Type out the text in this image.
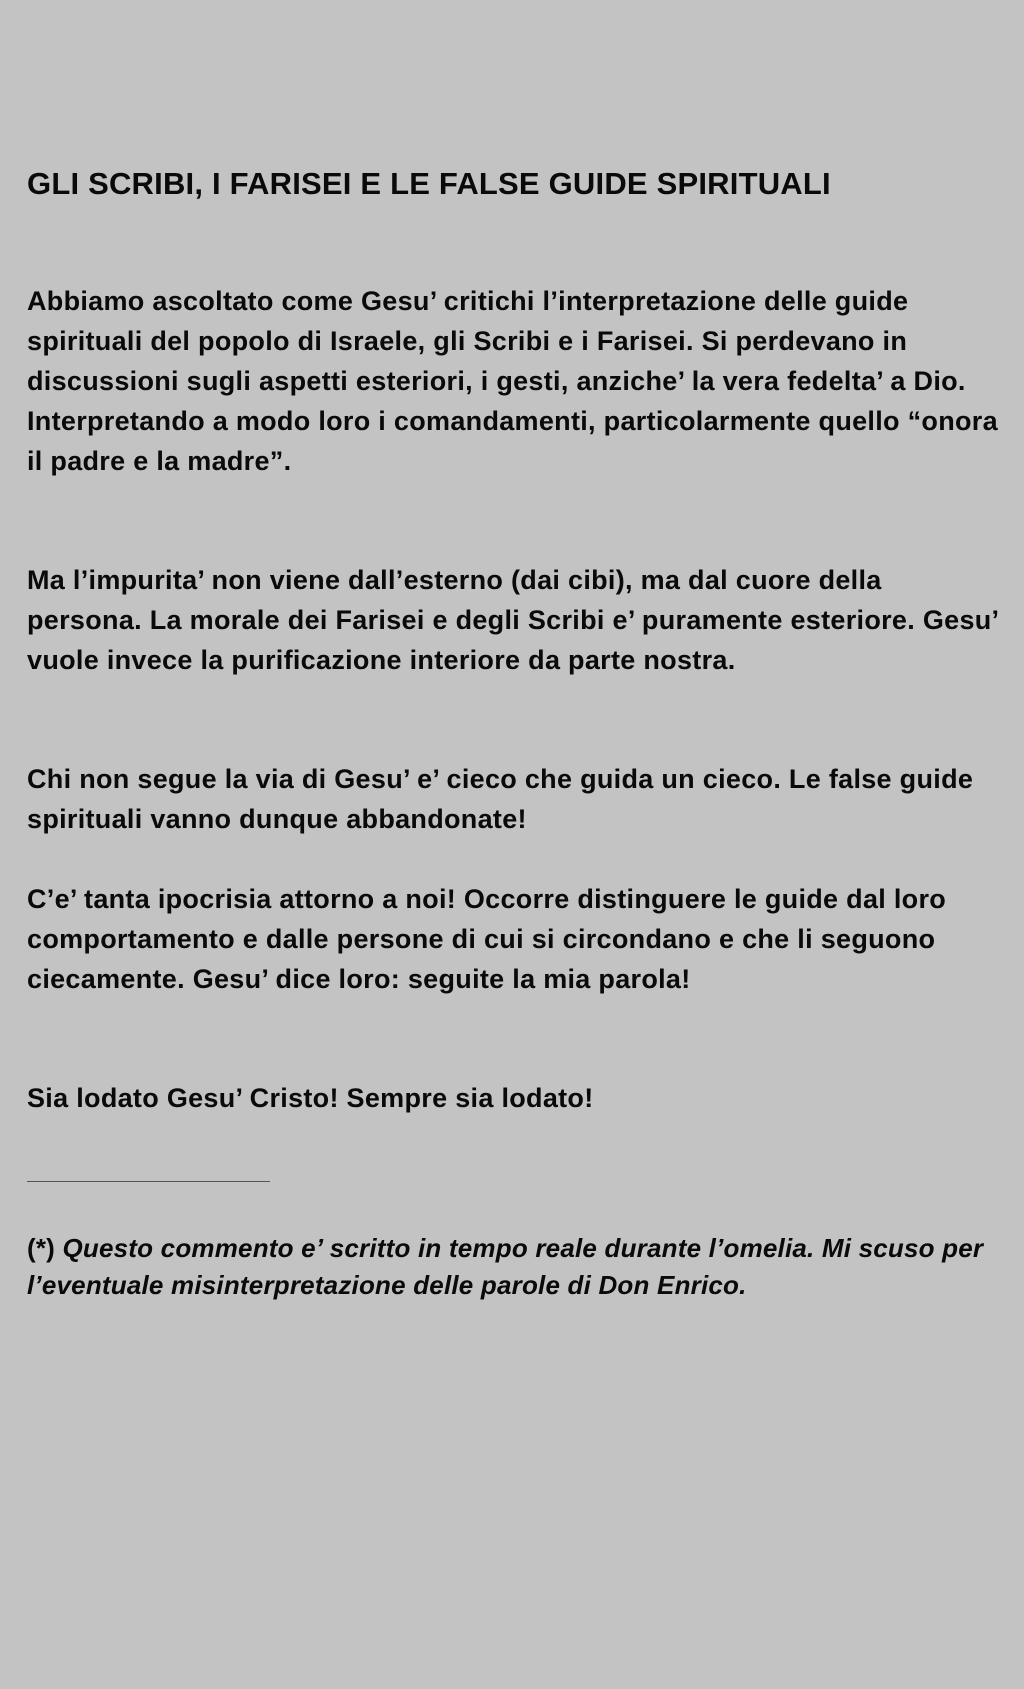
GLI SCRIBI, I FARISEI E LE FALSE GUIDE SPIRITUALI

Abbiamo ascoltato come Gesu’ critichi l’interpretazione delle guide spirituali del popolo di Israele, gli Scribi e i Farisei. Si perdevano in discussioni sugli aspetti esteriori, i gesti, anziche’ la vera fedelta’ a Dio. Interpretando a modo loro i comandamenti, particolarmente quello “onora il padre e la madre”.

Ma l’impurita’ non viene dall’esterno (dai cibi), ma dal cuore della persona. La morale dei Farisei e degli Scribi e’ puramente esteriore. Gesu’ vuole invece la purificazione interiore da parte nostra.

Chi non segue la via di Gesu’ e’ cieco che guida un cieco. Le false guide spirituali vanno dunque abbandonate!

C’e’ tanta ipocrisia attorno a noi! Occorre distinguere le guide dal loro comportamento e dalle persone di cui si circondano e che li seguono ciecamente. Gesu’ dice loro: seguite la mia parola!

Sia lodato Gesu’ Cristo! Sempre sia lodato!

(*) Questo commento e’ scritto in tempo reale durante l’omelia. Mi scuso per l’eventuale misinterpretazione delle parole di Don Enrico.
